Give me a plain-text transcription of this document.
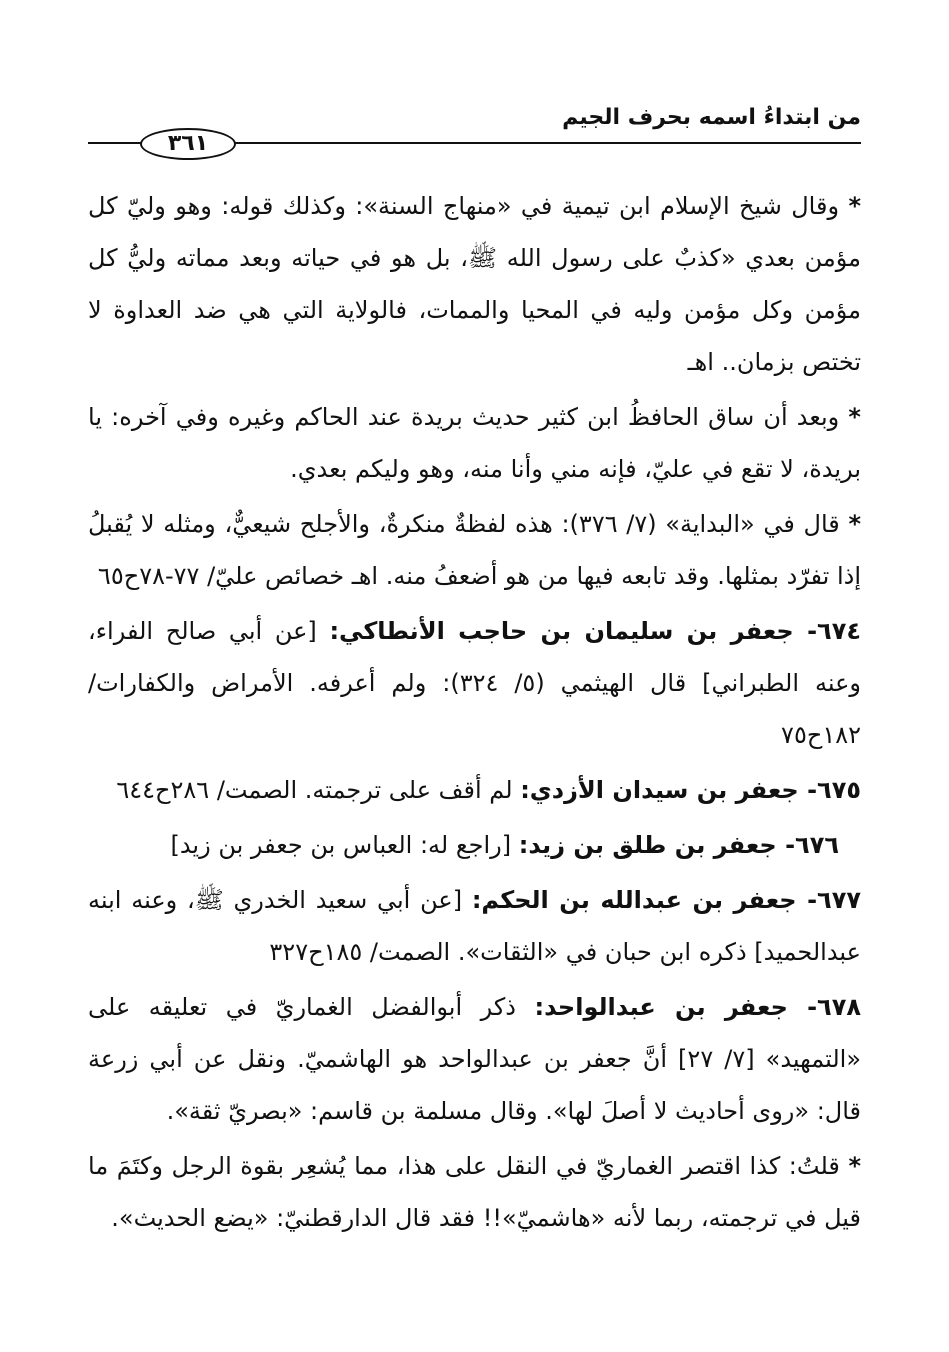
من ابتداءُ اسمه بحرف الجيم
٣٦١

* وقال شيخ الإسلام ابن تيمية في «منهاج السنة»: وكذلك قوله: وهو وليّ كل مؤمن بعدي «كذبٌ على رسول الله ﷺ، بل هو في حياته وبعد مماته وليُّ كل مؤمن وكل مؤمن وليه في المحيا والممات، فالولاية التي هي ضد العداوة لا تختص بزمان.. اهـ

* وبعد أن ساق الحافظُ ابن كثير حديث بريدة عند الحاكم وغيره وفي آخره: يا بريدة، لا تقع في عليّ، فإنه مني وأنا منه، وهو وليكم بعدي.

* قال في «البداية» (٧/ ٣٧٦): هذه لفظةٌ منكرةٌ، والأجلح شيعيٌّ، ومثله لا يُقبلُ إذا تفرّد بمثلها. وقد تابعه فيها من هو أضعفُ منه. اهـ خصائص عليّ/ ٧٧-٧٨ح٦٥

٦٧٤- جعفر بن سليمان بن حاجب الأنطاكي: [عن أبي صالح الفراء، وعنه الطبراني] قال الهيثمي (٥/ ٣٢٤): ولم أعرفه. الأمراض والكفارات/ ١٨٢ح٧٥

٦٧٥- جعفر بن سيدان الأزدي: لم أقف على ترجمته. الصمت/ ٢٨٦ح٦٤٤

٦٧٦- جعفر بن طلق بن زيد: [راجع له: العباس بن جعفر بن زيد]

٦٧٧- جعفر بن عبدالله بن الحكم: [عن أبي سعيد الخدري ﷺ، وعنه ابنه عبدالحميد] ذكره ابن حبان في «الثقات». الصمت/ ١٨٥ح٣٢٧

٦٧٨- جعفر بن عبدالواحد: ذكر أبوالفضل الغماريّ في تعليقه على «التمهيد» [٧/ ٢٧] أنَّ جعفر بن عبدالواحد هو الهاشميّ. ونقل عن أبي زرعة قال: «روى أحاديث لا أصلَ لها». وقال مسلمة بن قاسم: «بصريّ ثقة».

* قلتُ: كذا اقتصر الغماريّ في النقل على هذا، مما يُشعِر بقوة الرجل وكتَمَ ما قيل في ترجمته، ربما لأنه «هاشميّ»!! فقد قال الدارقطنيّ: «يضع الحديث».
